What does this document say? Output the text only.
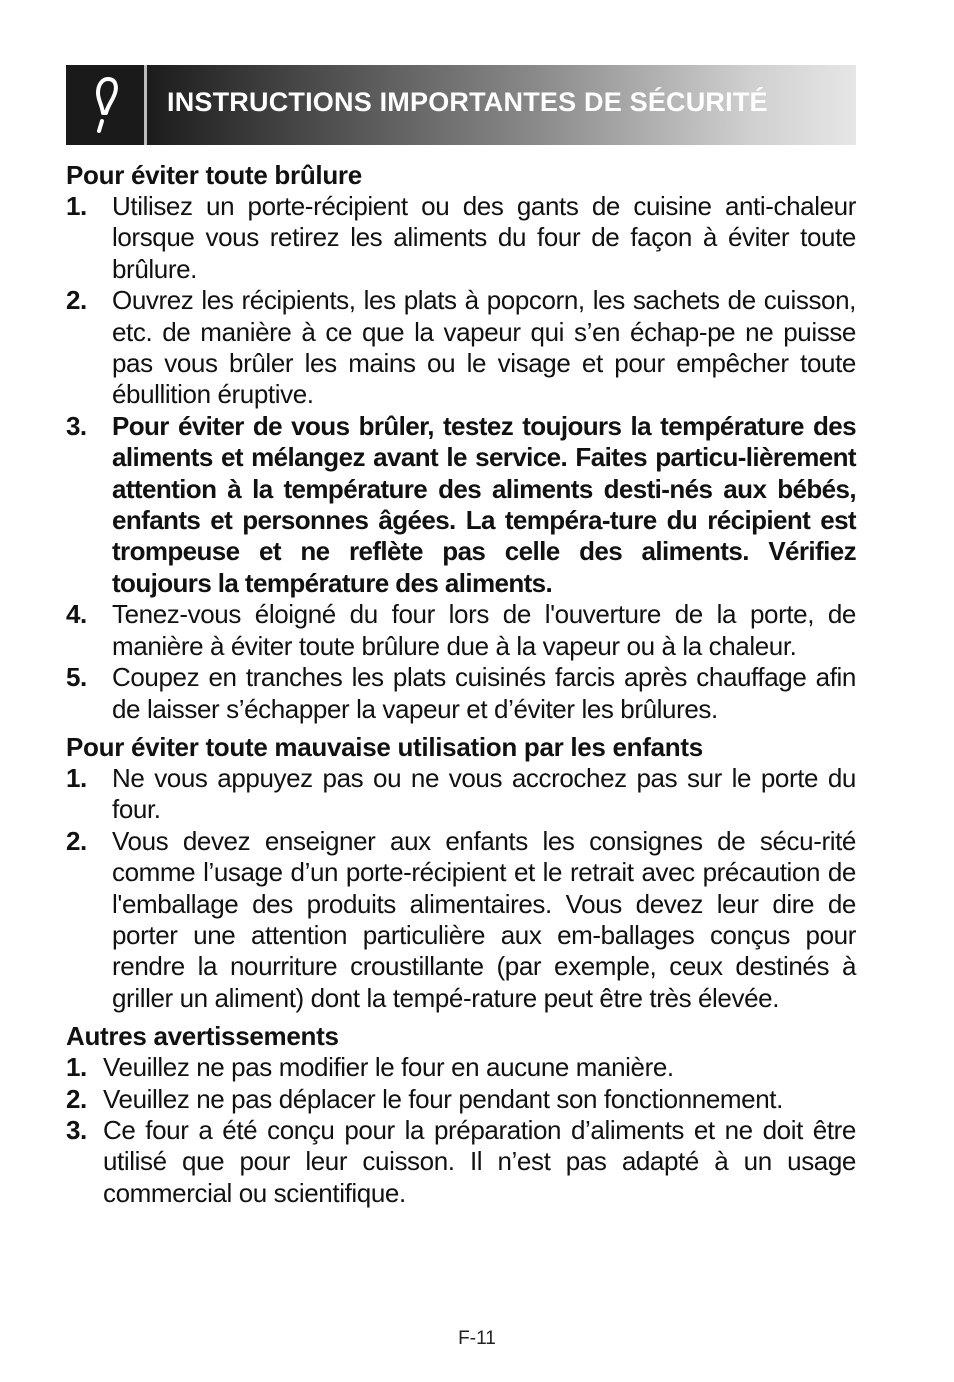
INSTRUCTIONS IMPORTANTES DE SÉCURITÉ
Pour éviter toute brûlure
1. Utilisez un porte-récipient ou des gants de cuisine anti-chaleur lorsque vous retirez les aliments du four de façon à éviter toute brûlure.
2. Ouvrez les récipients, les plats à popcorn, les sachets de cuisson, etc. de manière à ce que la vapeur qui s’en échap-pe ne puisse pas vous brûler les mains ou le visage et pour empêcher toute ébullition éruptive.
3. Pour éviter de vous brûler, testez toujours la température des aliments et mélangez avant le service. Faites particu-lièrement attention à la température des aliments desti-nés aux bébés, enfants et personnes âgées. La tempéra-ture du récipient est trompeuse et ne reflète pas celle des aliments. Vérifiez toujours la température des aliments.
4. Tenez-vous éloigné du four lors de l'ouverture de la porte, de manière à éviter toute brûlure due à la vapeur ou à la chaleur.
5. Coupez en tranches les plats cuisinés farcis après chauffage afin de laisser s’échapper la vapeur et d’éviter les brûlures.
Pour éviter toute mauvaise utilisation par les enfants
1. Ne vous appuyez pas ou ne vous accrochez pas sur le porte du four.
2. Vous devez enseigner aux enfants les consignes de sécu-rité comme l’usage d’un porte-récipient et le retrait avec précaution de l'emballage des produits alimentaires. Vous devez leur dire de porter une attention particulière aux em-ballages conçus pour rendre la nourriture croustillante (par exemple, ceux destinés à griller un aliment) dont la tempé-rature peut être très élevée.
Autres avertissements
1. Veuillez ne pas modifier le four en aucune manière.
2. Veuillez ne pas déplacer le four pendant son fonctionnement.
3. Ce four a été conçu pour la préparation d’aliments et ne doit être utilisé que pour leur cuisson. Il n’est pas adapté à un usage commercial ou scientifique.
F-11
